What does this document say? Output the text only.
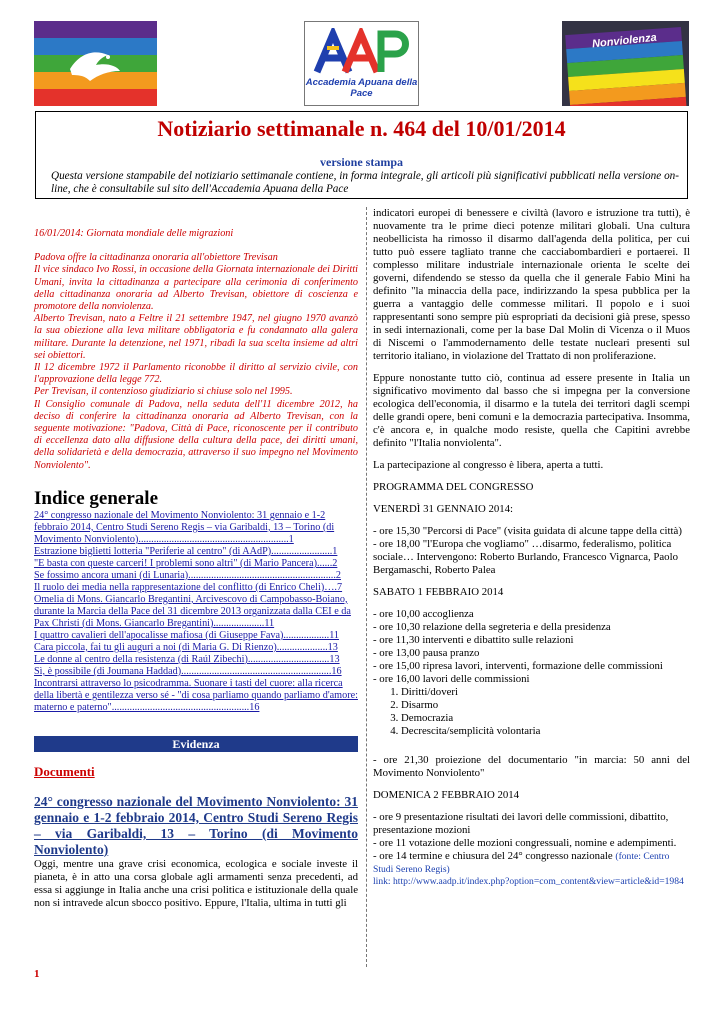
Accademia Apuana della Pace
Nonviolenza
Notiziario settimanale n. 464 del 10/01/2014
versione stampa
Questa versione stampabile del notiziario settimanale contiene, in forma integrale, gli articoli più significativi pubblicati nella versione on-line, che è consultabile sul sito dell'Accademia Apuana della Pace

16/01/2014: Giornata mondiale delle migrazioni

Padova offre la cittadinanza onoraria all'obiettore Trevisan

Il vice sindaco Ivo Rossi, in occasione della Giornata internazionale dei Diritti Umani, invita la cittadinanza a partecipare alla cerimonia di conferimento della cittadinanza onoraria ad Alberto Trevisan, obiettore di coscienza e promotore della nonviolenza.

Alberto Trevisan, nato a Feltre il 21 settembre 1947, nel giugno 1970 avanzò la sua obiezione alla leva militare obbligatoria e fu condannato alla galera militare. Durante la detenzione, nel 1971, ribadì la sua scelta insieme ad altri sei obiettori.

Il 12 dicembre 1972 il Parlamento riconobbe il diritto al servizio civile, con l'approvazione della legge 772.

Per Trevisan, il contenzioso giudiziario si chiuse solo nel 1995.

Il Consiglio comunale di Padova, nella seduta dell'11 dicembre 2012, ha deciso di conferire la cittadinanza onoraria ad Alberto Trevisan, con la seguente motivazione: "Padova, Città di Pace, riconoscente per il contributo di eccellenza dato alla diffusione della cultura della pace, dei diritti umani, della solidarietà e della democrazia, attraverso il suo impegno nel Movimento Nonviolento".

Indice generale

24° congresso nazionale del Movimento Nonviolento: 31 gennaio e 1-2 febbraio 2014, Centro Studi Sereno Regis – via Garibaldi, 13 – Torino (di Movimento Nonviolento)...........................................................1

Estrazione biglietti lotteria "Periferie al centro" (di AAdP)........................1

"E basta con queste carceri! I problemi sono altri" (di Mario Pancera)......2

Se fossimo ancora umani (di Lunaria)..........................................................2

Il ruolo dei media nella rappresentazione del conflitto (di Enrico Cheli)….7

Omelia di Mons. Giancarlo Bregantini, Arcivescovo di Campobasso-Boiano, durante la Marcia della Pace del 31 dicembre 2013 organizzata dalla CEI e da Pax Christi (di Mons. Giancarlo Bregantini)....................11

I quattro cavalieri dell'apocalisse mafiosa (di Giuseppe Fava)..................11

Cara piccola, fai tu gli auguri a noi (di Maria G. Di Rienzo)....................13

Le donne al centro della resistenza (di Raúl Zibechi)................................13

Sì, è possibile (di Joumana Haddad)...........................................................16

Incontrarsi attraverso lo psicodramma. Suonare i tasti del cuore: alla ricerca della libertà e gentilezza verso sé - "di cosa parliamo quando parliamo d'amore: materno e paterno"......................................................16

Evidenza
Documenti

24° congresso nazionale del Movimento Nonviolento: 31 gennaio e 1-2 febbraio 2014, Centro Studi Sereno Regis – via Garibaldi, 13 – Torino (di Movimento Nonviolento)

Oggi, mentre una grave crisi economica, ecologica e sociale investe il pianeta, è in atto una corsa globale agli armamenti senza precedenti, ad essa si aggiunge in Italia anche una crisi politica e istituzionale della quale non si intravede alcun sbocco positivo. Eppure, l'Italia, ultima in tutti gli

indicatori europei di benessere e civiltà (lavoro e istruzione tra tutti), è nuovamente tra le prime dieci potenze militari globali. Una cultura neobellicista ha rimosso il disarmo dall'agenda della politica, per cui tutto può essere tagliato tranne che cacciabombardieri e portaerei. Il complesso militare industriale internazionale orienta le scelte dei governi, difendendo se stesso da quella che il generale Fabio Mini ha definito "la minaccia della pace, indirizzando la spesa pubblica per la guerra a vantaggio delle commesse militari. Il popolo e i suoi rappresentanti sono sempre più espropriati da decisioni già prese, spesso in sedi internazionali, come per la base Dal Molin di Vicenza o il Muos di Niscemi o l'ammodernamento delle testate nucleari presenti sul territorio italiano, in violazione del Trattato di non proliferazione.

Eppure nonostante tutto ciò, continua ad essere presente in Italia un significativo movimento dal basso che si impegna per la conversione ecologica dell'economia, il disarmo e la tutela dei territori dagli scempi delle grandi opere, beni comuni e la democrazia partecipativa. Insomma, c'è ancora e, in qualche modo resiste, quella che Capitini avrebbe definito "l'Italia nonviolenta".

La partecipazione al congresso è libera, aperta a tutti.

PROGRAMMA DEL CONGRESSO

VENERDÌ 31 GENNAIO 2014:

- ore 15,30 "Percorsi di Pace" (visita guidata di alcune tappe della città)

- ore 18,00 "l'Europa che vogliamo" …disarmo, federalismo, politica sociale… Intervengono: Roberto Burlando, Francesco Vignarca, Paolo Bergamaschi, Roberto Palea

SABATO 1 FEBBRAIO 2014

- ore 10,00 accoglienza

- ore 10,30 relazione della segreteria e della presidenza

- ore 11,30 interventi e dibattito sulle relazioni

- ore 13,00 pausa pranzo

- ore 15,00 ripresa lavori, interventi, formazione delle commissioni

- ore 16,00 lavori delle commissioni

1. Diritti/doveri
2. Disarmo
3. Democrazia
4. Decrescita/semplicità volontaria

- ore 21,30 proiezione del documentario "in marcia: 50 anni del Movimento Nonviolento"

DOMENICA 2 FEBBRAIO 2014

- ore 9 presentazione risultati dei lavori delle commissioni, dibattito, presentazione mozioni

- ore 11 votazione delle mozioni congressuali, nomine e adempimenti.

- ore 14 termine e chiusura del 24° congresso nazionale (fonte: Centro Studi Sereno Regis)

link: http://www.aadp.it/index.php?option=com_content&view=article&id=1984

1
